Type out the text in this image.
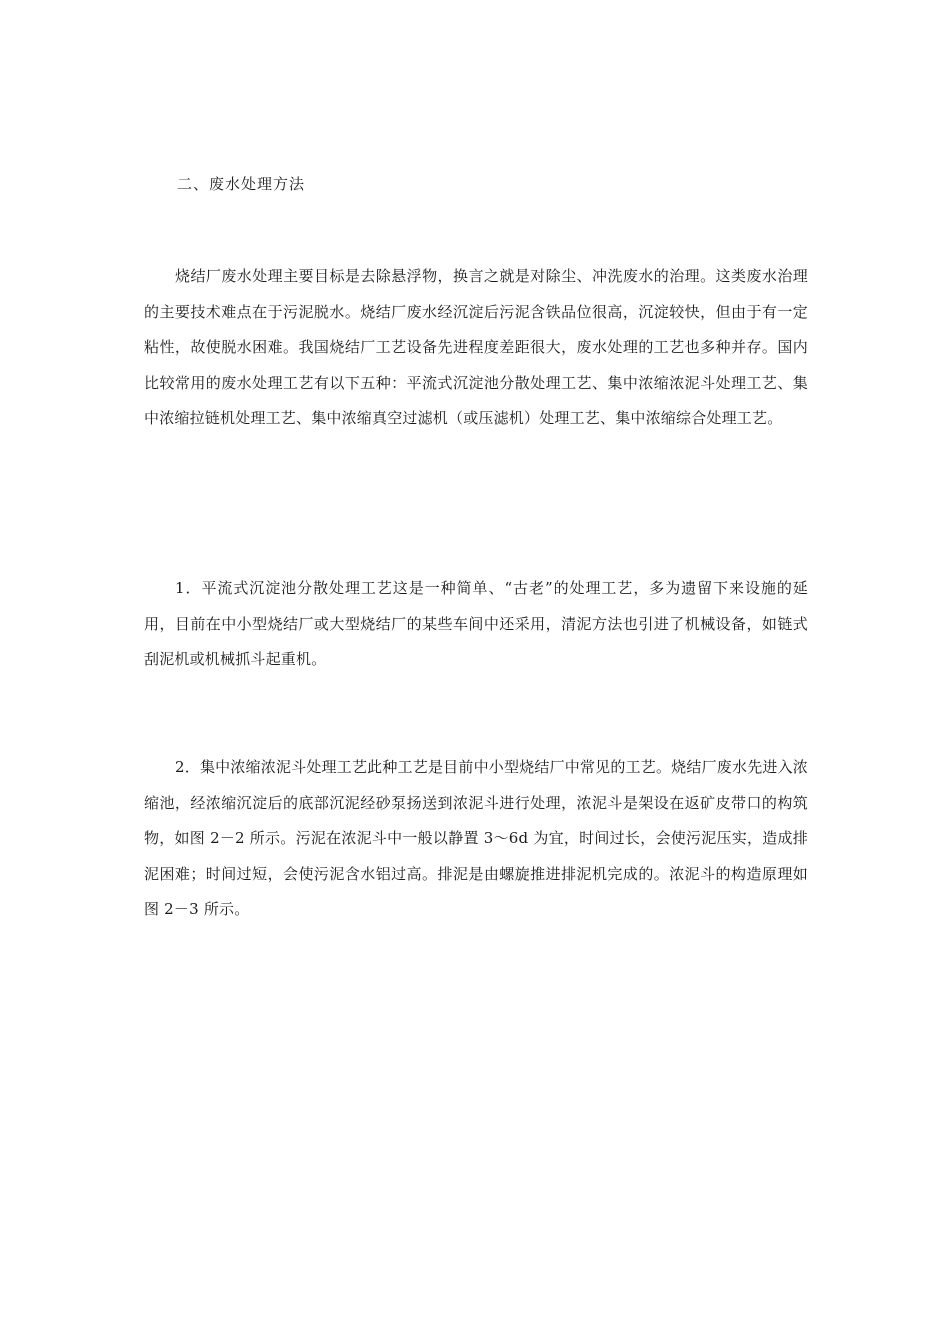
二、废水处理方法

烧结厂废水处理主要目标是去除悬浮物，换言之就是对除尘、冲洗废水的治理。这类废水治理的主要技术难点在于污泥脱水。烧结厂废水经沉淀后污泥含铁品位很高，沉淀较快，但由于有一定粘性，故使脱水困难。我国烧结厂工艺设备先进程度差距很大，废水处理的工艺也多种并存。国内比较常用的废水处理工艺有以下五种：平流式沉淀池分散处理工艺、集中浓缩浓泥斗处理工艺、集中浓缩拉链机处理工艺、集中浓缩真空过滤机（或压滤机）处理工艺、集中浓缩综合处理工艺。

1．平流式沉淀池分散处理工艺这是一种简单、“古老”的处理工艺，多为遗留下来设施的延用，目前在中小型烧结厂或大型烧结厂的某些车间中还采用，清泥方法也引进了机械设备，如链式刮泥机或机械抓斗起重机。

2．集中浓缩浓泥斗处理工艺此种工艺是目前中小型烧结厂中常见的工艺。烧结厂废水先进入浓缩池，经浓缩沉淀后的底部沉泥经砂泵扬送到浓泥斗进行处理，浓泥斗是架设在返矿皮带口的构筑物，如图 2－2 所示。污泥在浓泥斗中一般以静置 3～6d 为宜，时间过长，会使污泥压实，造成排泥困难；时间过短，会使污泥含水铝过高。排泥是由螺旋推进排泥机完成的。浓泥斗的构造原理如图 2－3 所示。
